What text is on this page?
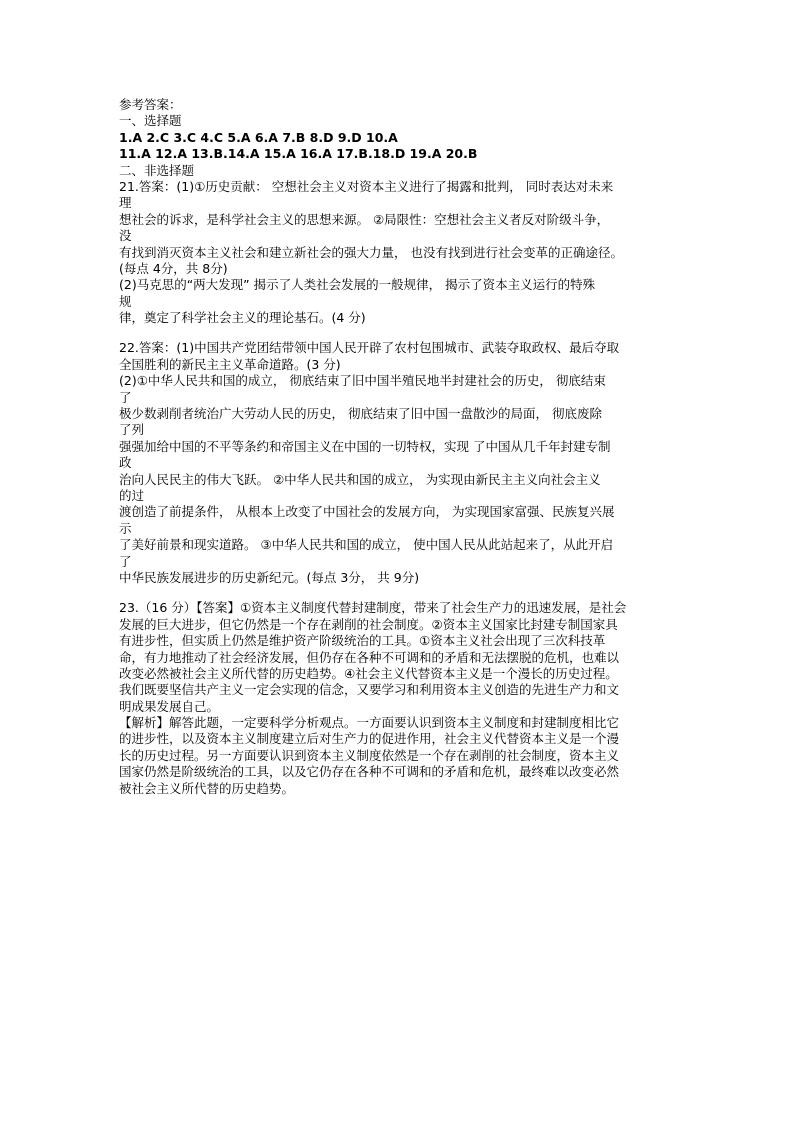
参考答案：
一、选择题
1.A 2.C 3.C 4.C 5.A 6.A 7.B 8.D 9.D 10.A
11.A 12.A 13.B.14.A 15.A 16.A 17.B.18.D 19.A 20.B
二、非选择题
21.答案：(1)①历史贡献： 空想社会主义对资本主义进行了揭露和批判， 同时表达对未来
理
想社会的诉求，是科学社会主义的思想来源。 ②局限性：空想社会主义者反对阶级斗争，
没
有找到消灭资本主义社会和建立新社会的强大力量， 也没有找到进行社会变革的正确途径。
(每点 4分，共 8分)
(2)马克思的“两大发现” 揭示了人类社会发展的一般规律， 揭示了资本主义运行的特殊
规
律，奠定了科学社会主义的理论基石。(4 分)
22.答案：(1)中国共产党团结带领中国人民开辟了农村包围城市、武装夺取政权、最后夺取
全国胜利的新民主主义革命道路。(3 分)
(2)①中华人民共和国的成立， 彻底结束了旧中国半殖民地半封建社会的历史， 彻底结束
了
极少数剥削者统治广大劳动人民的历史， 彻底结束了旧中国一盘散沙的局面， 彻底废除
了列
强强加给中国的不平等条约和帝国主义在中国的一切特权，实现 了中国从几千年封建专制
政
治向人民民主的伟大飞跃。 ②中华人民共和国的成立， 为实现由新民主主义向社会主义
的过
渡创造了前提条件， 从根本上改变了中国社会的发展方向， 为实现国家富强、民族复兴展
示
了美好前景和现实道路。 ③中华人民共和国的成立， 使中国人民从此站起来了，从此开启
了
中华民族发展进步的历史新纪元。(每点 3分， 共 9分)
23.（16 分）【答案】①资本主义制度代替封建制度，带来了社会生产力的迅速发展，是社会
发展的巨大进步，但它仍然是一个存在剥削的社会制度。②资本主义国家比封建专制国家具
有进步性，但实质上仍然是维护资产阶级统治的工具。①资本主义社会出现了三次科技革
命，有力地推动了社会经济发展，但仍存在各种不可调和的矛盾和无法摆脱的危机，也难以
改变必然被社会主义所代替的历史趋势。④社会主义代替资本主义是一个漫长的历史过程。
我们既要坚信共产主义一定会实现的信念，又要学习和利用资本主义创造的先进生产力和文
明成果发展自己。
【解析】解答此题，一定要科学分析观点。一方面要认识到资本主义制度和封建制度相比它
的进步性，以及资本主义制度建立后对生产力的促进作用，社会主义代替资本主义是一个漫
长的历史过程。另一方面要认识到资本主义制度依然是一个存在剥削的社会制度，资本主义
国家仍然是阶级统治的工具，以及它仍存在各种不可调和的矛盾和危机，最终难以改变必然
被社会主义所代替的历史趋势。
